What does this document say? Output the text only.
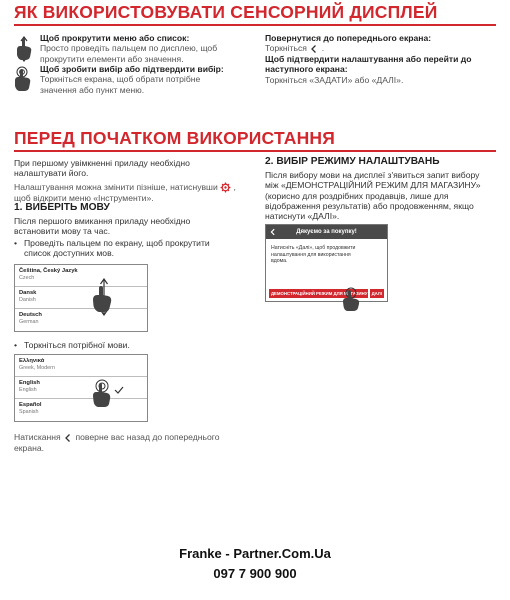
ЯК ВИКОРИСТОВУВАТИ СЕНСОРНИЙ ДИСПЛЕЙ
Щоб прокрутити меню або список:
Просто проведіть пальцем по дисплею, щоб
прокрутити елементи або значення.
Щоб зробити вибір або підтвердити вибір:
Торкніться екрана, щоб обрати потрібне
значення або пункт меню.
Повернутися до попереднього екрана:
Торкніться .
Щоб підтвердити налаштування або перейти до
наступного екрана:
Торкніться «ЗАДАТИ» або «ДАЛІ».
ПЕРЕД ПОЧАТКОМ ВИКОРИСТАННЯ
При першому увімкненні приладу необхідно
налаштувати його.
Налаштування можна змінити пізніше, натиснувши ,
щоб відкрити меню «Інструменти».
1. ВИБЕРІТЬ МОВУ
Після першого вмикання приладу необхідно
встановити мову та час.
• Проведіть пальцем по екрану, щоб прокрутити
список доступних мов.
Čeština, Český Jazyk
Czech
Dansk
Danish
Deutsch
German
• Торкніться потрібної мови.
Ελληνικά
Greek, Modern
English
English
Español
Spanish
Натискання поверне вас назад до попереднього
екрана.
2. ВИБІР РЕЖИМУ НАЛАШТУВАНЬ
Після вибору мови на дисплеї з'явиться запит вибору
між «ДЕМОНСТРАЦІЙНИЙ РЕЖИМ ДЛЯ МАГАЗИНУ»
(корисно для роздрібних продавців, лише для
відображення результатів) або продовженням, якщо
натиснути «ДАЛІ».
Дякуємо за покупку!
Натисніть «Далі», щоб продовжити
налаштування для використання
вдома.
ДЕМОНСТРАЦІЙНИЙ РЕЖИМ ДЛЯ МАГАЗИНУ ДАЛІ
Franke - Partner.Com.Ua
097 7 900 900
